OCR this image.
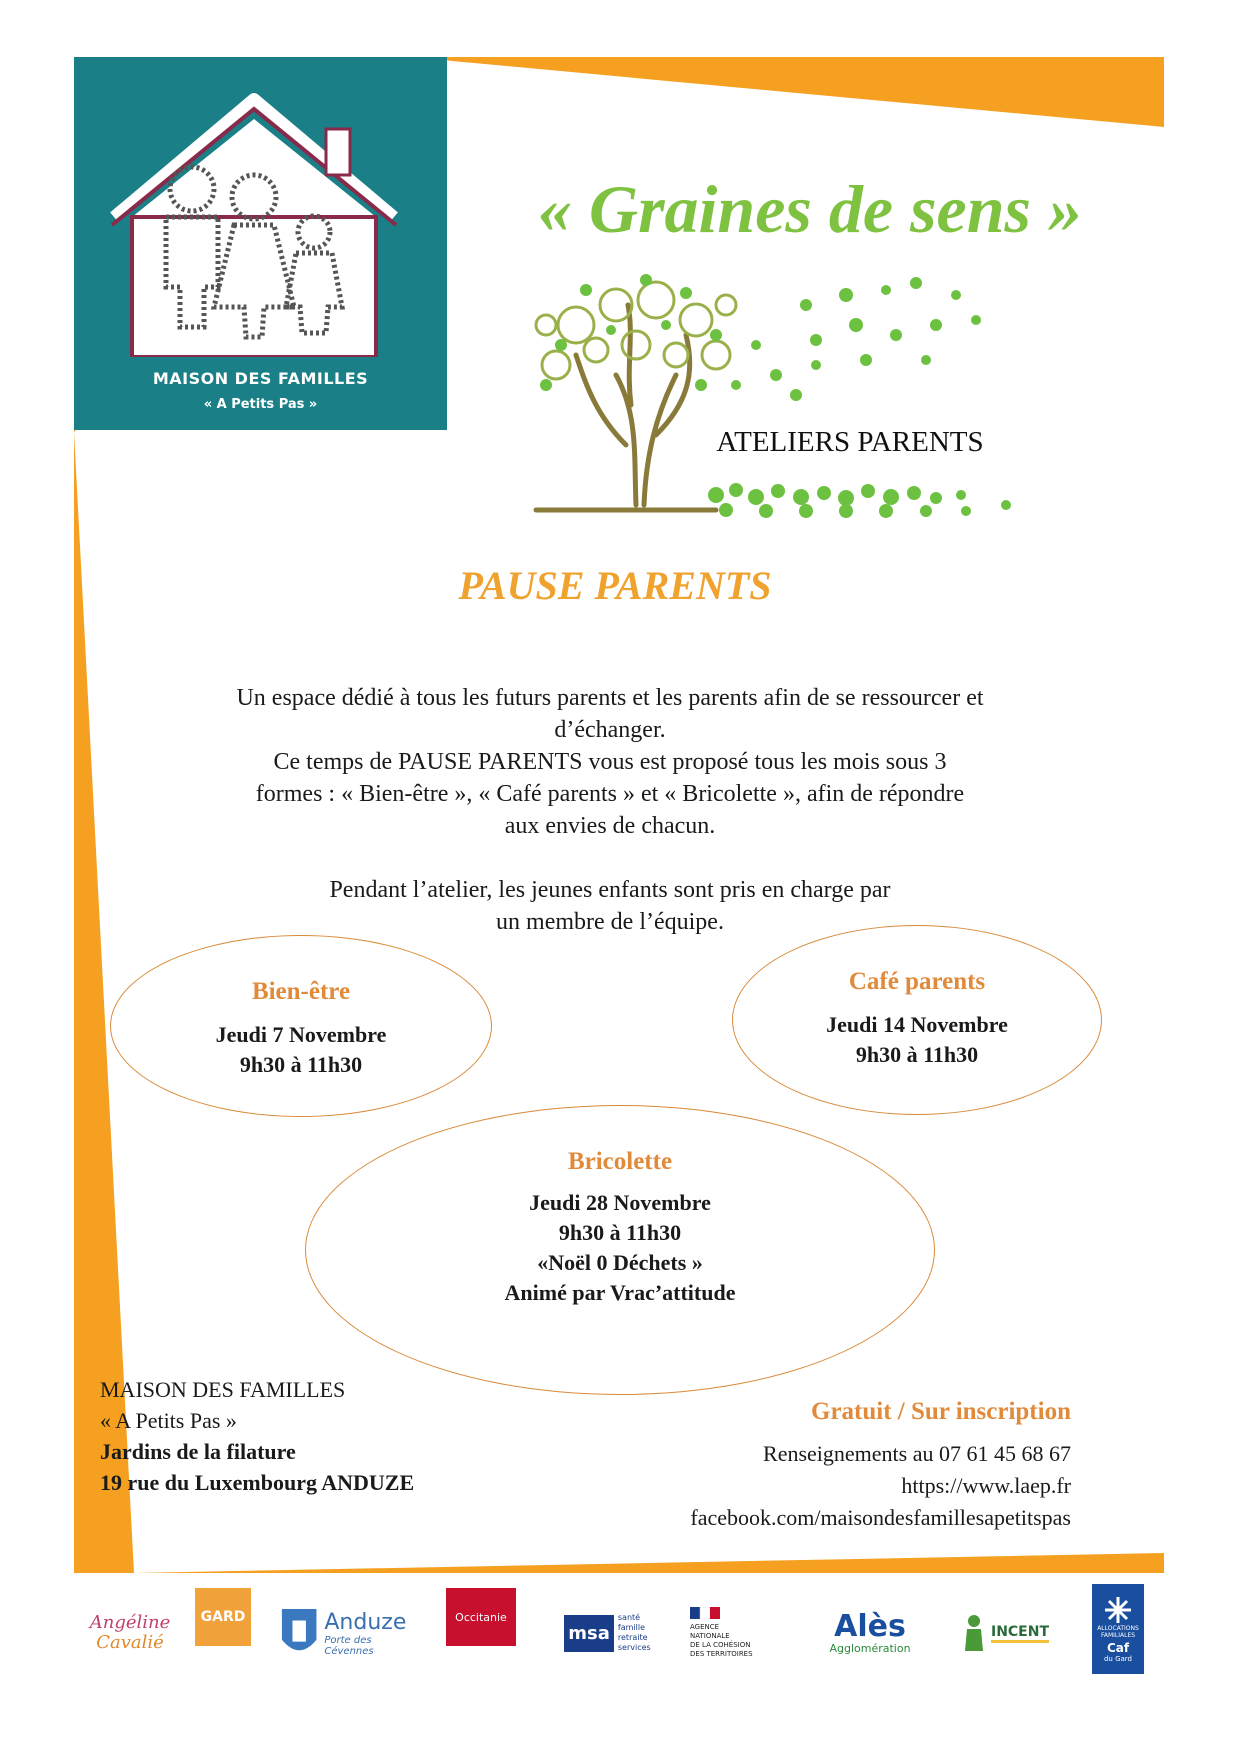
MAISON DES FAMILLES
« A Petits Pas »
« Graines de sens »
ATELIERS PARENTS
PAUSE PARENTS

Un espace dédié à tous les futurs parents et les parents afin de se ressourcer et

d’échanger.

Ce temps de PAUSE PARENTS vous est proposé tous les mois sous 3

formes : « Bien-être », « Café parents » et « Bricolette », afin de répondre

aux envies de chacun.

Pendant l’atelier, les jeunes enfants sont pris en charge par

un membre de l’équipe.

Bien-être
Jeudi 7 Novembre
9h30 à 11h30
Café parents
Jeudi 14 Novembre
9h30 à 11h30
Bricolette
Jeudi 28 Novembre
9h30 à 11h30
«Noël 0 Déchets »
Animé par Vrac’attitude
MAISON DES FAMILLES
« A Petits Pas »
Jardins de la filature
19 rue du Luxembourg ANDUZE
Gratuit / Sur inscription
Renseignements au 07 61 45 68 67
https://www.laep.fr
facebook.com/maisondesfamillesapetitspas
Angéline
Cavalié
GARD	Anduze
Porte des Cévennes
Occitanie
msa
santé
famille
retraite
services
AGENCE
NATIONALE
DE LA COHÉSION
DES TERRITOIRES
Alès
Agglomération
INCENT	ALLOCATIONS
FAMILIALES
Caf
du Gard
